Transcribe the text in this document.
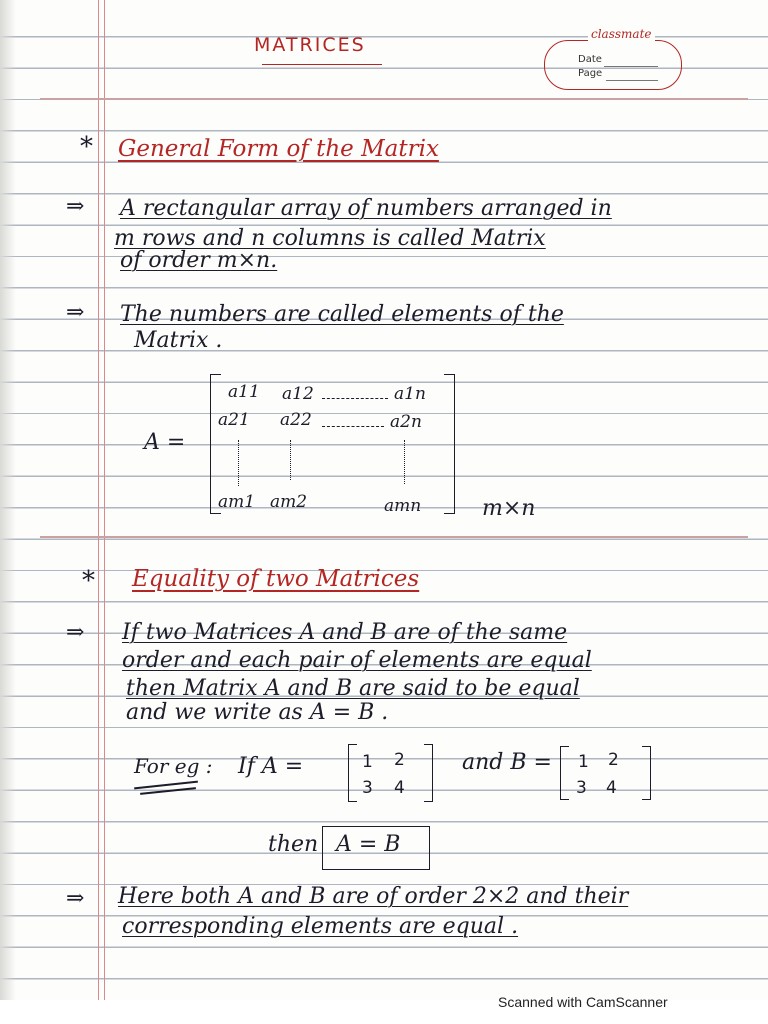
MATRICES	classmate
Date
Page
* General Form of the Matrix
⇒ A rectangular array of numbers arranged in
m rows and n columns is called Matrix
of order m×n.
⇒ The numbers are called elements of the
Matrix .
A =
a11 a12	a1n
a21 a22	a2n
am1 am2	amn	m×n
* Equality of two Matrices
⇒ If two Matrices A and B are of the same
order and each pair of elements are equal
then Matrix A and B are said to be equal
and we write as A = B .
For eg : If A =	1 2
3 4
and B = 1 2
3 4
then A = B
⇒ Here both A and B are of order 2×2 and their
corresponding elements are equal .
Scanned with CamScanner
